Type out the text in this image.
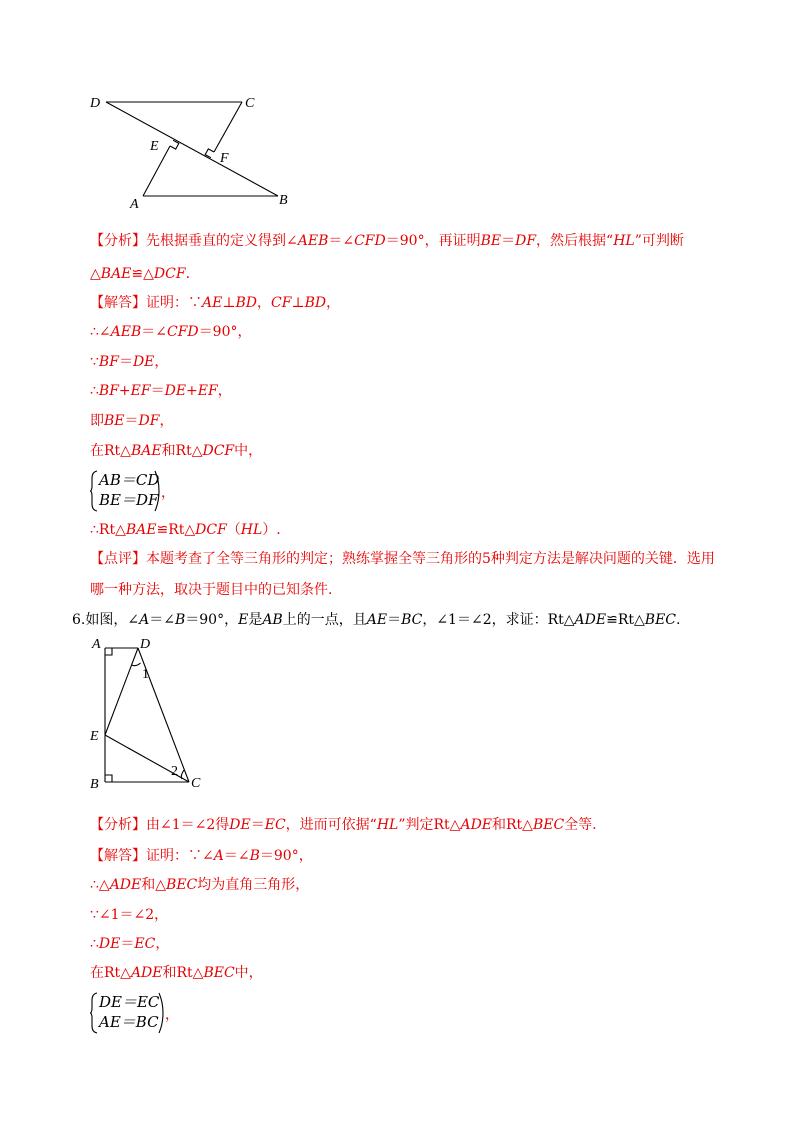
D	C
E
F
A	B
【分析】先根据垂直的定义得到∠AEB＝∠CFD＝90°，再证明BE＝DF，然后根据“HL”可判断
△BAE≌△DCF.
【解答】证明：∵AE⊥BD，CF⊥BD，
∴∠AEB＝∠CFD＝90°，
∵BF＝DE，
∴BF+EF＝DE+EF，
即BE＝DF，
在Rt△BAE和Rt△DCF中，
AB＝CD
BE＝DF ，
∴Rt△BAE≌Rt△DCF（HL）.
【点评】本题考查了全等三角形的判定；熟练掌握全等三角形的5种判定方法是解决问题的关键．选用
哪一种方法，取决于题目中的已知条件.
6.如图，∠A＝∠B＝90°，E是AB上的一点，且AE＝BC，∠1＝∠2，求证：Rt△ADE≌Rt△BEC.
A	D
1
E
2
B	C
【分析】由∠1＝∠2得DE＝EC，进而可依据“HL”判定Rt△ADE和Rt△BEC全等.
【解答】证明：∵∠A＝∠B＝90°，
∴△ADE和△BEC均为直角三角形，
∵∠1＝∠2，
∴DE＝EC，
在Rt△ADE和Rt△BEC中，
DE＝EC
AE＝BC ，
